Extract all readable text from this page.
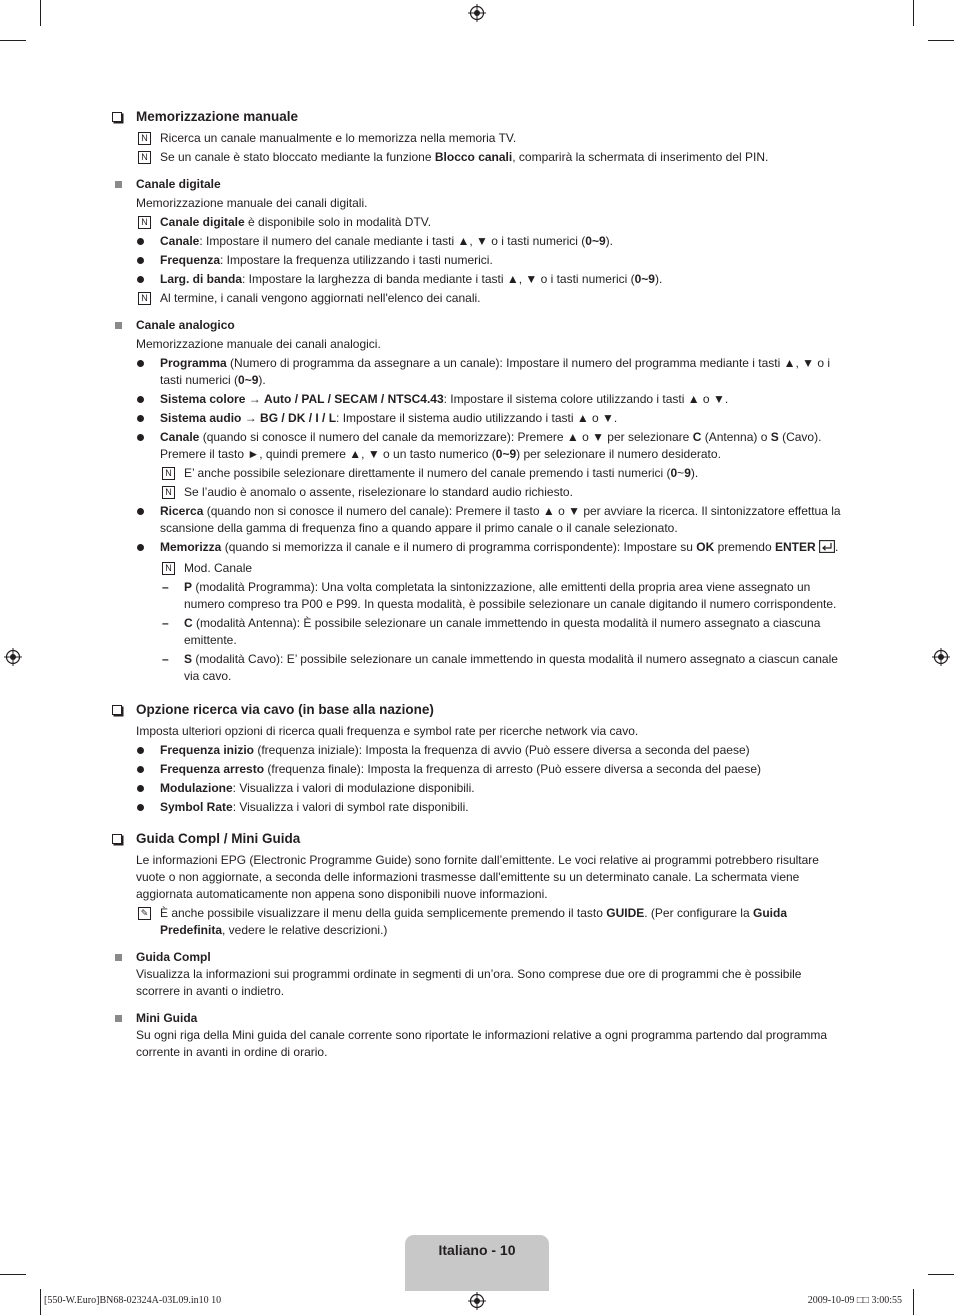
Memorizzazione manuale
N Ricerca un canale manualmente e lo memorizza nella memoria TV.
N Se un canale è stato bloccato mediante la funzione Blocco canali, comparirà la schermata di inserimento del PIN.
Canale digitale
Memorizzazione manuale dei canali digitali.
N Canale digitale è disponibile solo in modalità DTV.
Canale: Impostare il numero del canale mediante i tasti ▲, ▼ o i tasti numerici (0~9).
Frequenza: Impostare la frequenza utilizzando i tasti numerici.
Larg. di banda: Impostare la larghezza di banda mediante i tasti ▲, ▼ o i tasti numerici (0~9).
N Al termine, i canali vengono aggiornati nell'elenco dei canali.
Canale analogico
Memorizzazione manuale dei canali analogici.
Programma (Numero di programma da assegnare a un canale): Impostare il numero del programma mediante i tasti ▲, ▼ o i tasti numerici (0~9).
Sistema colore → Auto / PAL / SECAM / NTSC4.43: Impostare il sistema colore utilizzando i tasti ▲ o ▼.
Sistema audio → BG / DK / I / L: Impostare il sistema audio utilizzando i tasti ▲ o ▼.
Canale (quando si conosce il numero del canale da memorizzare): Premere ▲ o ▼ per selezionare C (Antenna) o S (Cavo). Premere il tasto ►, quindi premere ▲, ▼ o un tasto numerico (0~9) per selezionare il numero desiderato.
N E’ anche possibile selezionare direttamente il numero del canale premendo i tasti numerici (0~9).
N Se l’audio è anomalo o assente, riselezionare lo standard audio richiesto.
Ricerca (quando non si conosce il numero del canale): Premere il tasto ▲ o ▼ per avviare la ricerca. Il sintonizzatore effettua la scansione della gamma di frequenza fino a quando appare il primo canale o il canale selezionato.
Memorizza (quando si memorizza il canale e il numero di programma corrispondente): Impostare su OK premendo ENTER .
N Mod. Canale
– P (modalità Programma): Una volta completata la sintonizzazione, alle emittenti della propria area viene assegnato un numero compreso tra P00 e P99. In questa modalità, è possibile selezionare un canale digitando il numero corrispondente.
– C (modalità Antenna): È possibile selezionare un canale immettendo in questa modalità il numero assegnato a ciascuna emittente.
– S (modalità Cavo): E’ possibile selezionare un canale immettendo in questa modalità il numero assegnato a ciascun canale via cavo.
Opzione ricerca via cavo (in base alla nazione)
Imposta ulteriori opzioni di ricerca quali frequenza e symbol rate per ricerche network via cavo.
Frequenza inizio (frequenza iniziale): Imposta la frequenza di avvio (Può essere diversa a seconda del paese)
Frequenza arresto (frequenza finale): Imposta la frequenza di arresto (Può essere diversa a seconda del paese)
Modulazione: Visualizza i valori di modulazione disponibili.
Symbol Rate: Visualizza i valori di symbol rate disponibili.
Guida Compl / Mini Guida
Le informazioni EPG (Electronic Programme Guide) sono fornite dall’emittente. Le voci relative ai programmi potrebbero risultare vuote o non aggiornate, a seconda delle informazioni trasmesse dall'emittente su un determinato canale. La schermata viene aggiornata automaticamente non appena sono disponibili nuove informazioni.
✎ È anche possibile visualizzare il menu della guida semplicemente premendo il tasto GUIDE. (Per configurare la Guida Predefinita, vedere le relative descrizioni.)
Guida Compl
Visualizza la informazioni sui programmi ordinate in segmenti di un’ora. Sono comprese due ore di programmi che è possibile scorrere in avanti o indietro.
Mini Guida
Su ogni riga della Mini guida del canale corrente sono riportate le informazioni relative a ogni programma partendo dal programma corrente in avanti in ordine di orario.
Italiano - 10
[550-W.Euro]BN68-02324A-03L09.in10 10	2009-10-09 □□ 3:00:55
